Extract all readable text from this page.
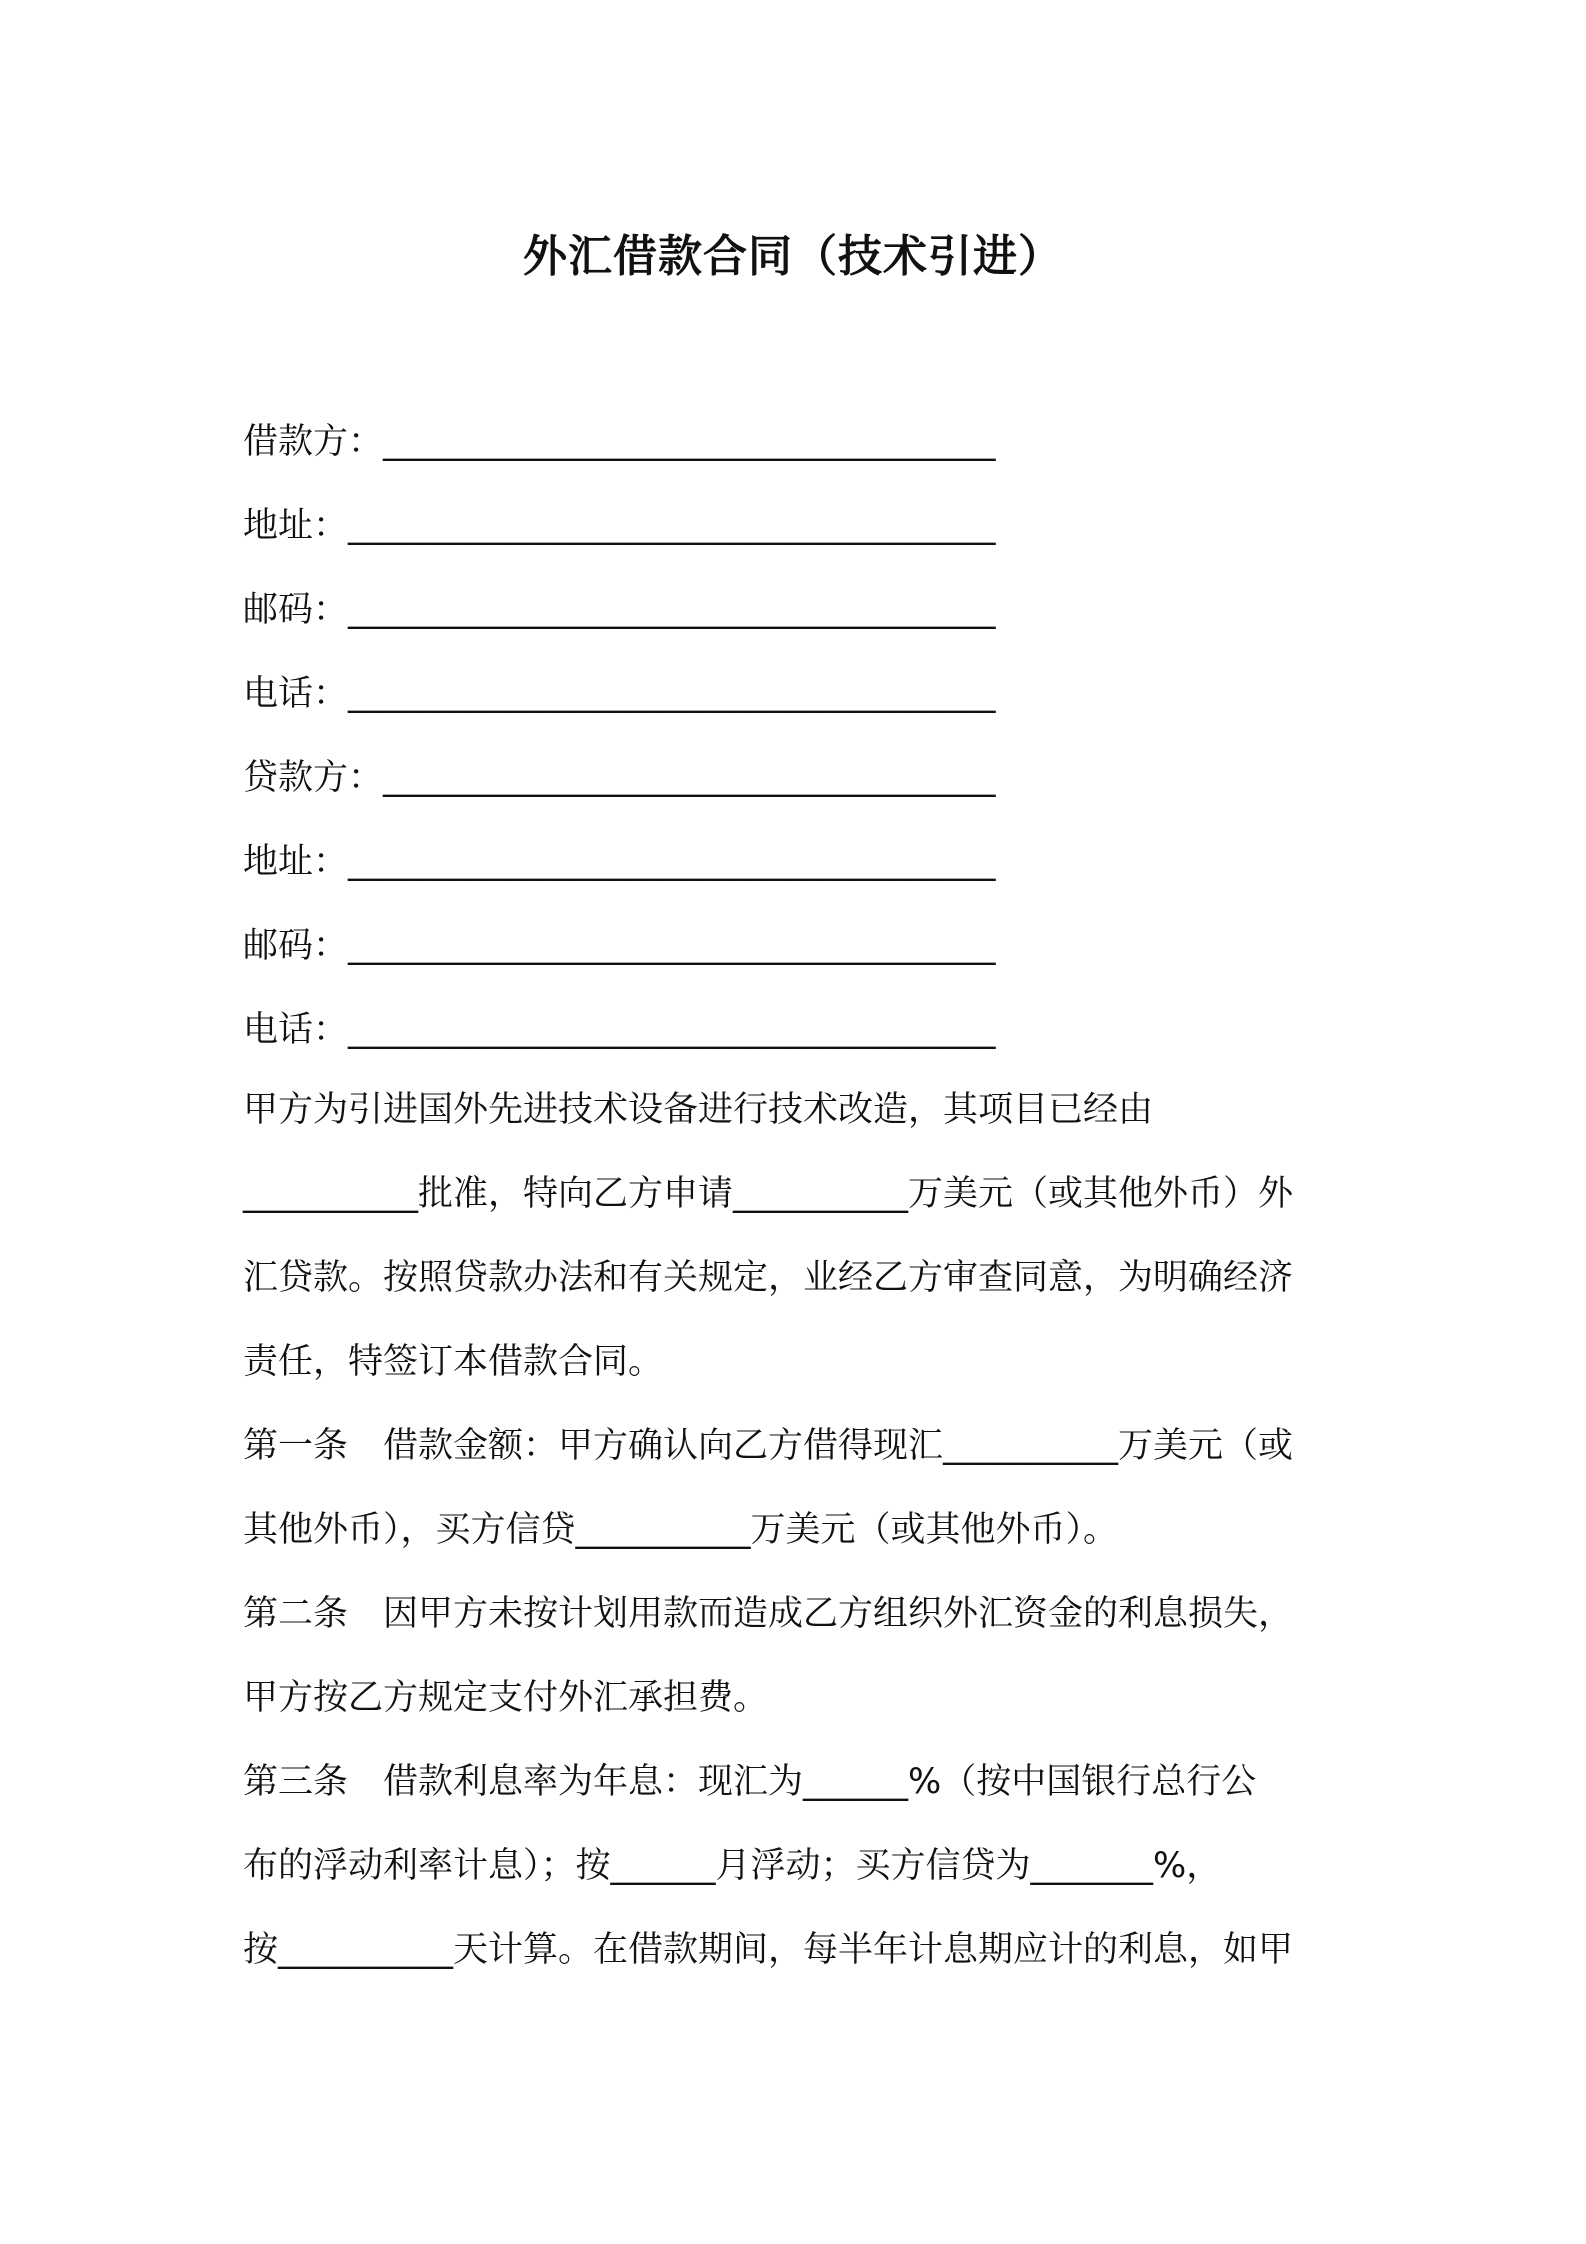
外汇借款合同（技术引进）
借款方：___________________________________
地址：_____________________________________
邮码：_____________________________________
电话：_____________________________________
贷款方：___________________________________
地址：_____________________________________
邮码：_____________________________________
电话：_____________________________________
甲方为引进国外先进技术设备进行技术改造，其项目已经由
__________批准，特向乙方申请__________万美元（或其他外币）外
汇贷款。按照贷款办法和有关规定，业经乙方审查同意，为明确经济
责任，特签订本借款合同。
第一条　借款金额：甲方确认向乙方借得现汇__________万美元（或
其他外币），买方信贷__________万美元（或其他外币）。
第二条　因甲方未按计划用款而造成乙方组织外汇资金的利息损失，
甲方按乙方规定支付外汇承担费。
第三条　借款利息率为年息：现汇为______%（按中国银行总行公
布的浮动利率计息）；按______月浮动；买方信贷为_______%，
按__________天计算。在借款期间，每半年计息期应计的利息，如甲
